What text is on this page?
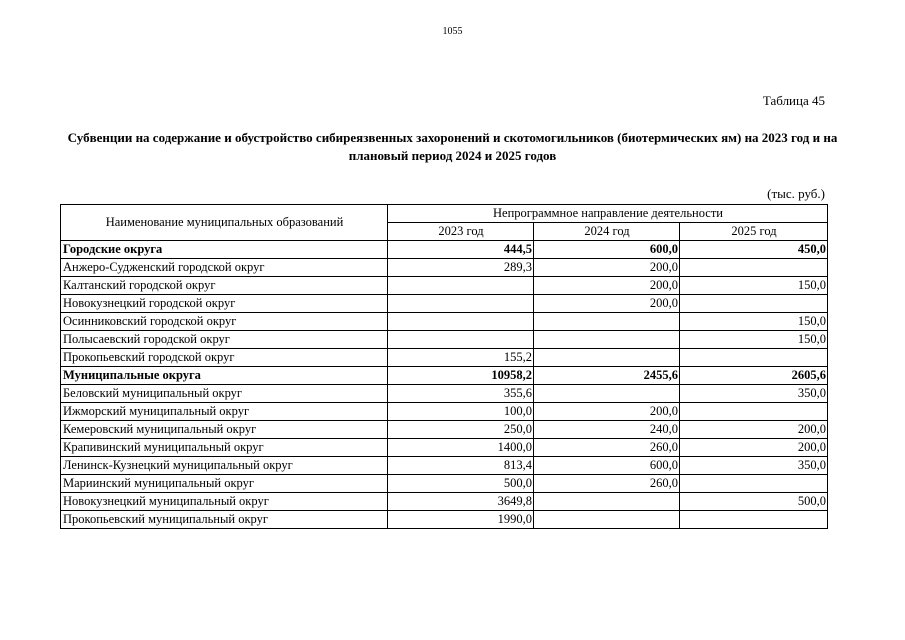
1055
Таблица 45
Субвенции на содержание и обустройство сибиреязвенных захоронений и скотомогильников (биотермических ям) на 2023 год и на плановый период 2024 и 2025 годов
(тыс. руб.)
Наименование муниципальных образований	Непрограммное направление деятельности		
	2023 год	2024 год	2025 год
Городские округа	444,5	600,0	450,0
Анжеро-Судженский городской округ	289,3	200,0	
Калтанский городской округ		200,0	150,0
Новокузнецкий городской округ		200,0	
Осинниковский городской округ			150,0
Полысаевский городской округ			150,0
Прокопьевский городской округ	155,2		
Муниципальные округа	10958,2	2455,6	2605,6
Беловский муниципальный округ	355,6		350,0
Ижморский муниципальный округ	100,0	200,0	
Кемеровский муниципальный округ	250,0	240,0	200,0
Крапивинский муниципальный округ	1400,0	260,0	200,0
Ленинск-Кузнецкий муниципальный округ	813,4	600,0	350,0
Мариинский муниципальный округ	500,0	260,0	
Новокузнецкий муниципальный округ	3649,8		500,0
Прокопьевский муниципальный округ	1990,0		
